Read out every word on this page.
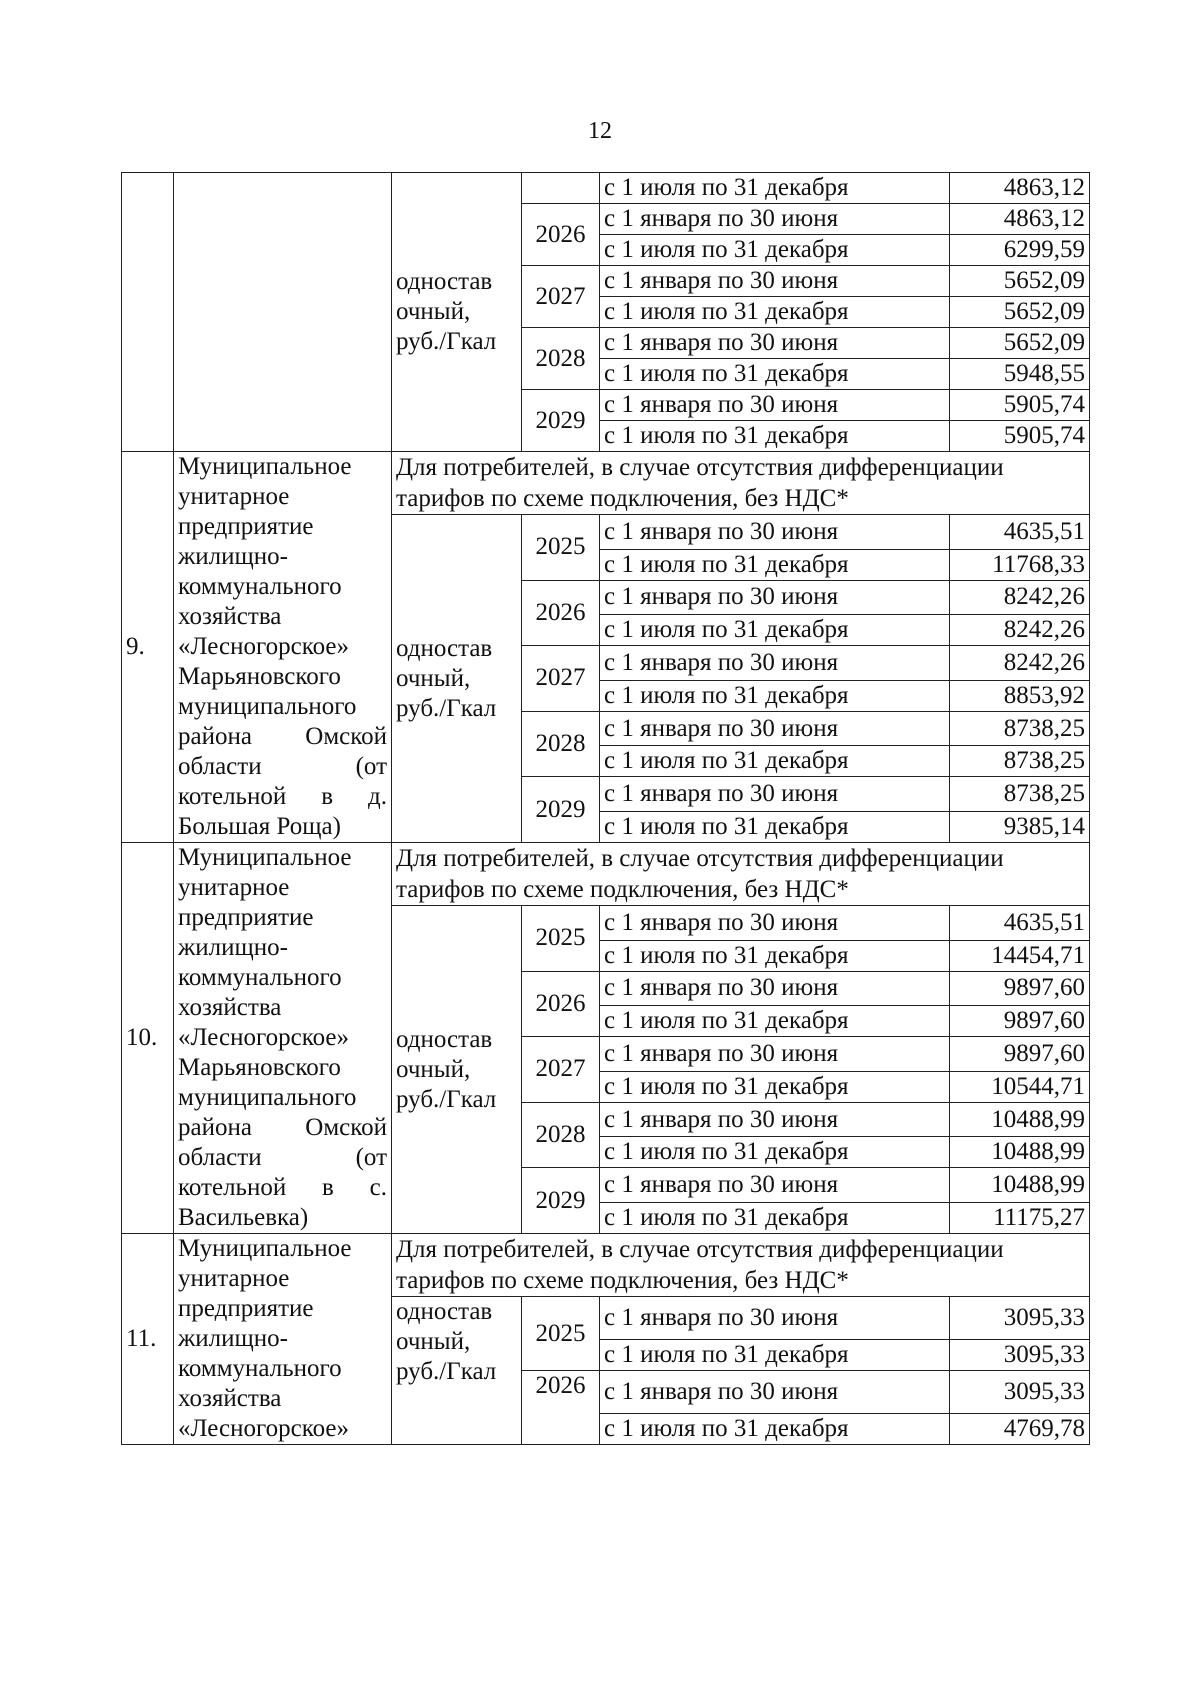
12
		одностав очный, руб./Гкал		с 1 июля по 31 декабря	4863,12
			2026	с 1 января по 30 июня	4863,12
				с 1 июля по 31 декабря	6299,59
			2027	с 1 января по 30 июня	5652,09
				с 1 июля по 31 декабря	5652,09
			2028	с 1 января по 30 июня	5652,09
				с 1 июля по 31 декабря	5948,55
			2029	с 1 января по 30 июня	5905,74
				с 1 июля по 31 декабря	5905,74
9.	Муниципальное унитарное предприятие жилищно-коммунального хозяйства «Лесногорское» Марьяновского муниципального района Омской области (от котельной в д. Большая Роща)	Для потребителей, в случае отсутствия дифференциации тарифов по схеме подключения, без НДС*			
		одностав очный, руб./Гкал	2025	с 1 января по 30 июня	4635,51
				с 1 июля по 31 декабря	11768,33
			2026	с 1 января по 30 июня	8242,26
				с 1 июля по 31 декабря	8242,26
			2027	с 1 января по 30 июня	8242,26
				с 1 июля по 31 декабря	8853,92
			2028	с 1 января по 30 июня	8738,25
				с 1 июля по 31 декабря	8738,25
			2029	с 1 января по 30 июня	8738,25
				с 1 июля по 31 декабря	9385,14
10.	Муниципальное унитарное предприятие жилищно-коммунального хозяйства «Лесногорское» Марьяновского муниципального района Омской области (от котельной в с. Васильевка)	Для потребителей, в случае отсутствия дифференциации тарифов по схеме подключения, без НДС*			
		одностав очный, руб./Гкал	2025	с 1 января по 30 июня	4635,51
				с 1 июля по 31 декабря	14454,71
			2026	с 1 января по 30 июня	9897,60
				с 1 июля по 31 декабря	9897,60
			2027	с 1 января по 30 июня	9897,60
				с 1 июля по 31 декабря	10544,71
			2028	с 1 января по 30 июня	10488,99
				с 1 июля по 31 декабря	10488,99
			2029	с 1 января по 30 июня	10488,99
				с 1 июля по 31 декабря	11175,27
11.	Муниципальное унитарное предприятие жилищно-коммунального хозяйства «Лесногорское»	Для потребителей, в случае отсутствия дифференциации тарифов по схеме подключения, без НДС*			
		одностав очный, руб./Гкал	2025	с 1 января по 30 июня	3095,33
				с 1 июля по 31 декабря	3095,33
			2026	с 1 января по 30 июня	3095,33
				с 1 июля по 31 декабря	4769,78
